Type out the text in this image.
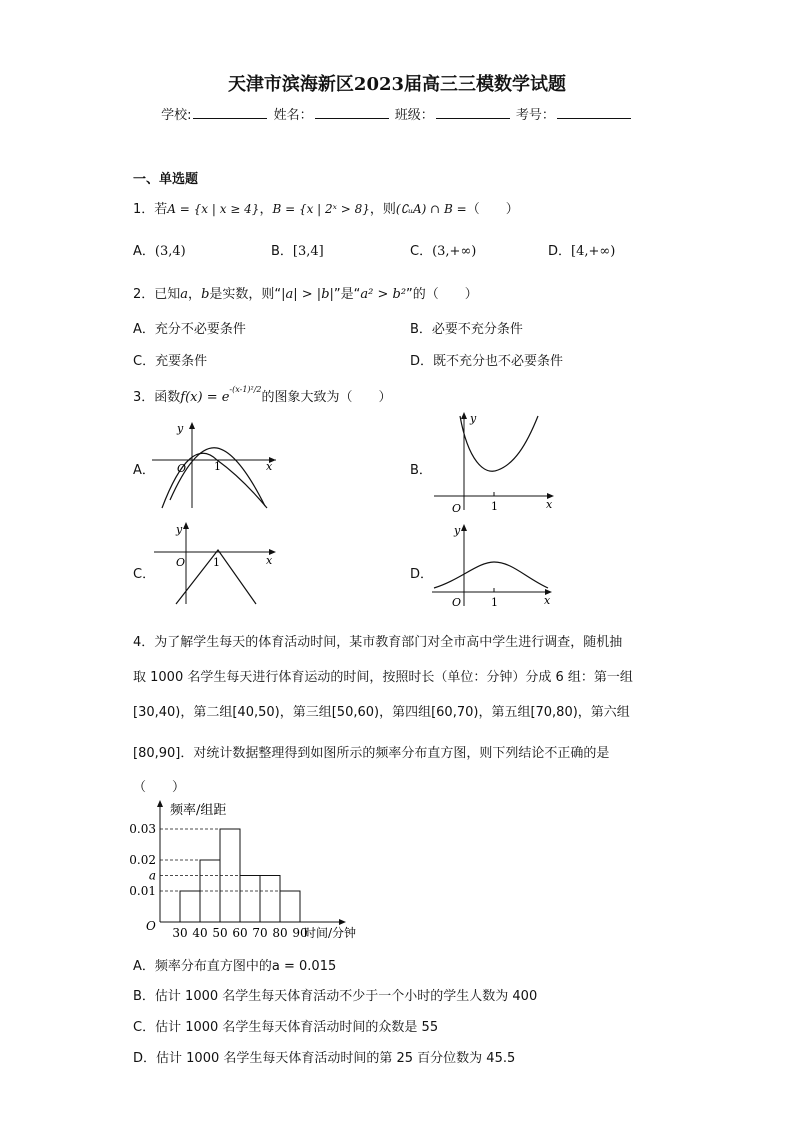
天津市滨海新区2023届高三三模数学试题
学校:	姓名：	班级：	考号：
一、单选题
1．若A = {x | x ≥ 4}，B = {x | 2ˣ > 8}，则(∁ᵤA) ∩ B =（　　）
A．(3,4)	B．[3,4]	C．(3,+∞)	D．[4,+∞)
2．已知a，b是实数，则“|a| > |b|”是“a² > b²”的（　　）
A．充分不必要条件	B．必要不充分条件
C．充要条件	D．既不充分也不必要条件
3．函数$f(x) = e^{-(x-1)^2/2}$的图象大致为（　　）
A．	x
y
O	1	B．
x
y
O	1
C．
x
y
O	1
D．
x
y
O	1
4．为了解学生每天的体育活动时间，某市教育部门对全市高中学生进行调查，随机抽
取 1000 名学生每天进行体育运动的时间，按照时长（单位：分钟）分成 6 组：第一组
[30,40)，第二组[40,50)，第三组[50,60)，第四组[60,70)，第五组[70,80)，第六组
[80,90]．对统计数据整理得到如图所示的频率分布直方图，则下列结论不正确的是
（　　）
0.03
0.02
a
0.01
30 40 50 60 70 80 90
O
频率/组距
时间/分钟
A．频率分布直方图中的a = 0.015
B．估计 1000 名学生每天体育活动不少于一个小时的学生人数为 400
C．估计 1000 名学生每天体育活动时间的众数是 55
D．估计 1000 名学生每天体育活动时间的第 25 百分位数为 45.5
